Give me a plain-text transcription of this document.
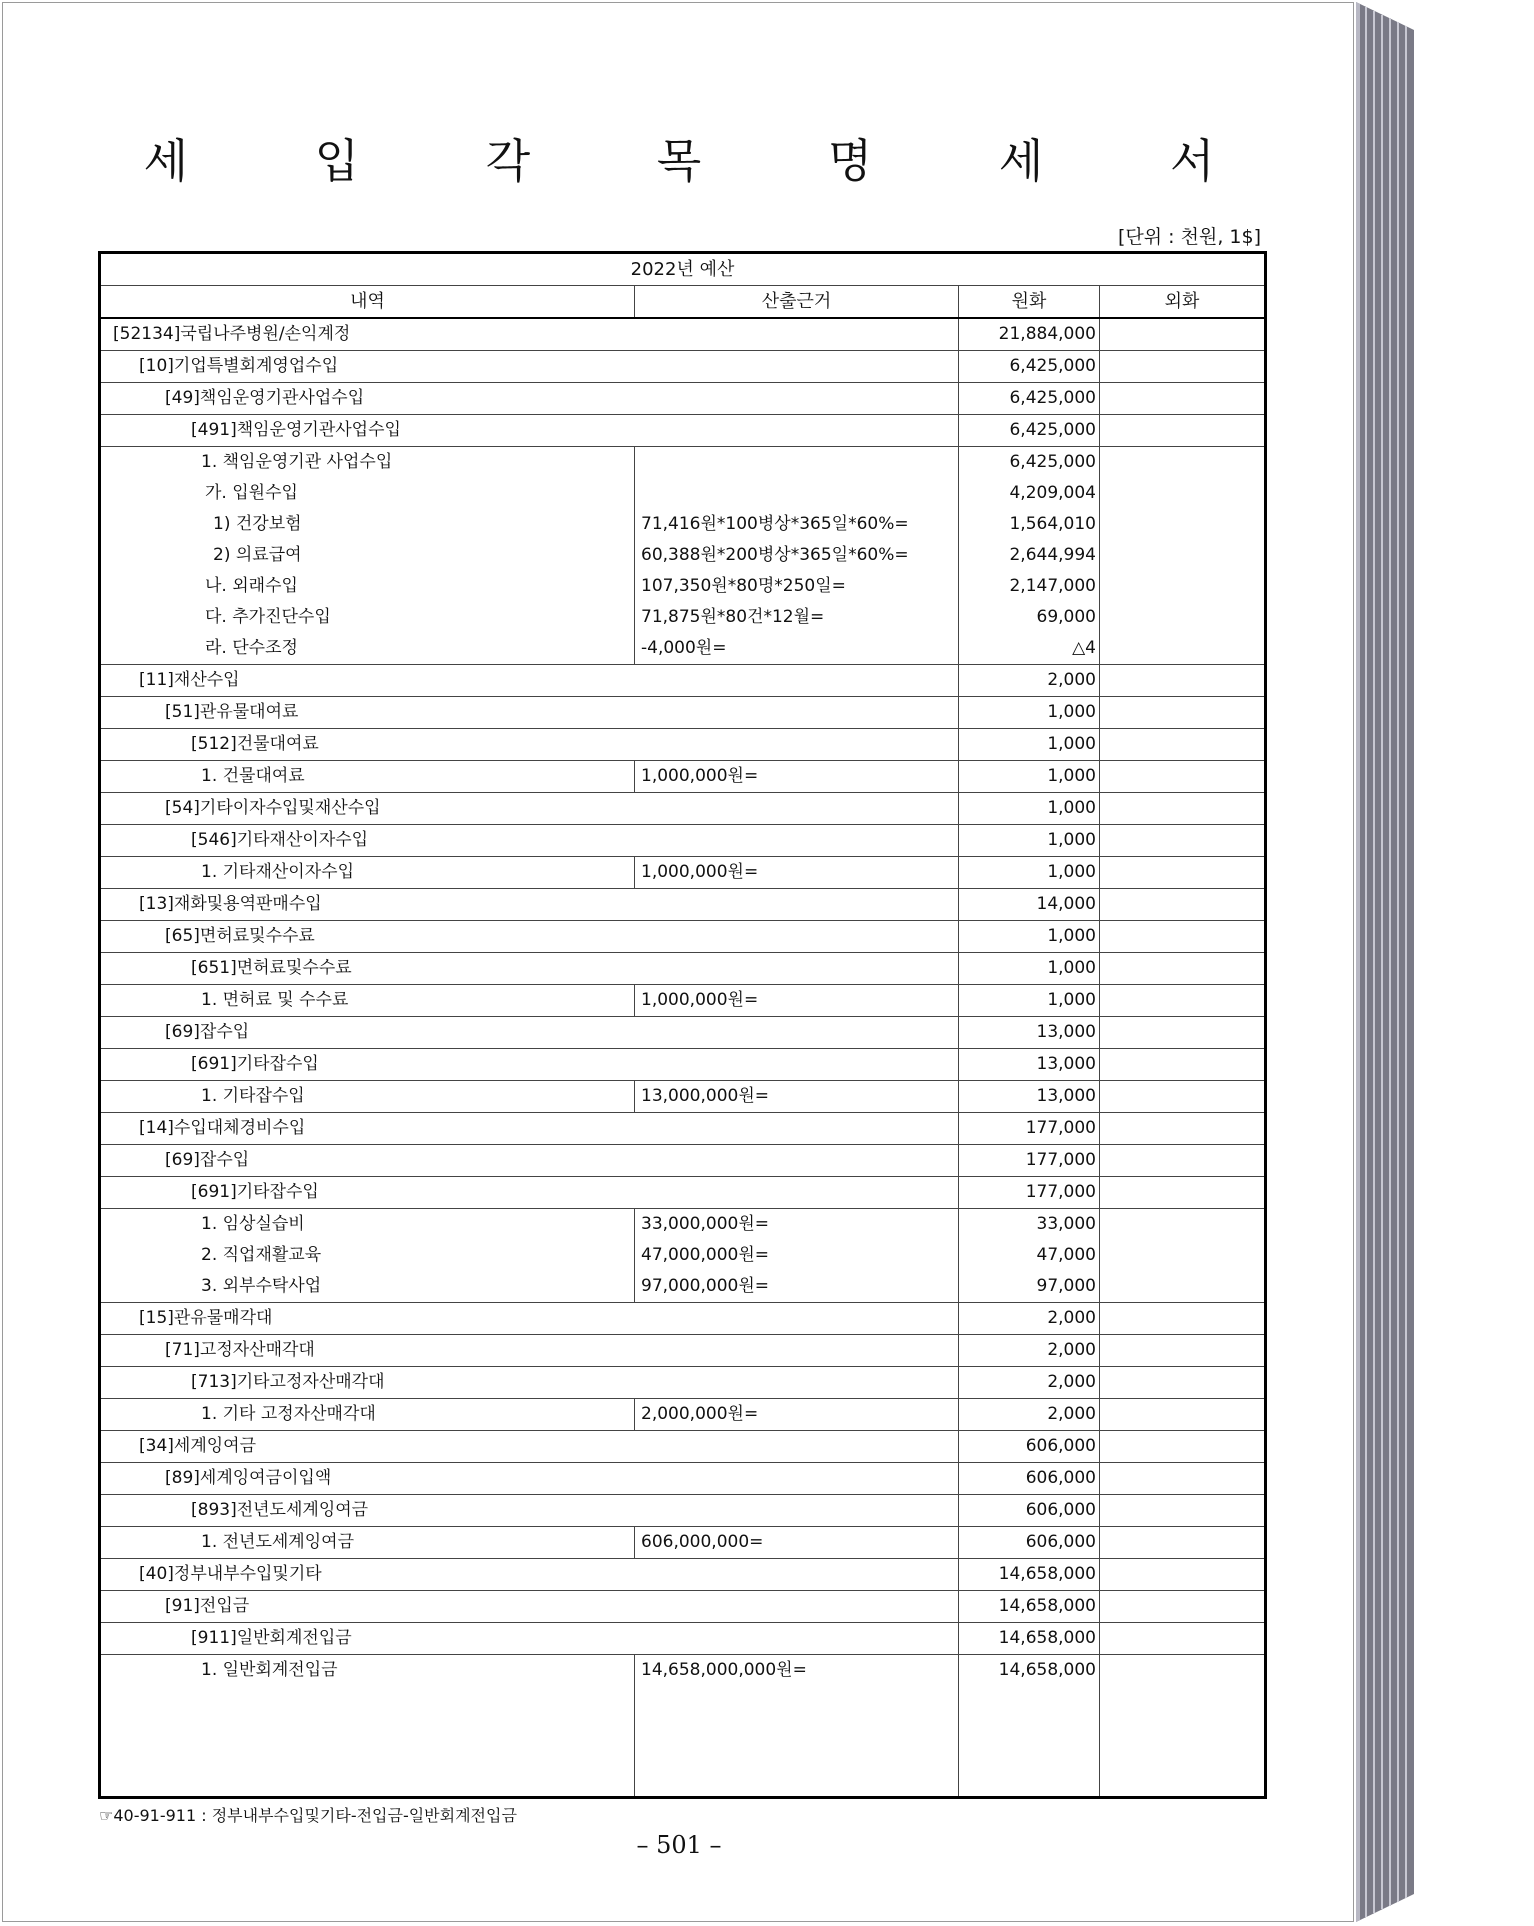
세 입 각 목 명 세 서
[단위 : 천원, 1$]
2022년 예산			
내역	산출근거	원화	외화
[52134]국립나주병원/손익계정		21,884,000	
[10]기업특별회계영업수입		6,425,000	
[49]책임운영기관사업수입		6,425,000	
[491]책임운영기관사업수입		6,425,000	
1. 책임운영기관 사업수입		6,425,000	
가. 입원수입		4,209,004	
1) 건강보험	71,416원*100병상*365일*60%=	1,564,010	
2) 의료급여	60,388원*200병상*365일*60%=	2,644,994	
나. 외래수입	107,350원*80명*250일=	2,147,000	
다. 추가진단수입	71,875원*80건*12월=	69,000	
라. 단수조정	-4,000원=	△4	
[11]재산수입		2,000	
[51]관유물대여료		1,000	
[512]건물대여료		1,000	
1. 건물대여료	1,000,000원=	1,000	
[54]기타이자수입및재산수입		1,000	
[546]기타재산이자수입		1,000	
1. 기타재산이자수입	1,000,000원=	1,000	
[13]재화및용역판매수입		14,000	
[65]면허료및수수료		1,000	
[651]면허료및수수료		1,000	
1. 면허료 및 수수료	1,000,000원=	1,000	
[69]잡수입		13,000	
[691]기타잡수입		13,000	
1. 기타잡수입	13,000,000원=	13,000	
[14]수입대체경비수입		177,000	
[69]잡수입		177,000	
[691]기타잡수입		177,000	
1. 임상실습비	33,000,000원=	33,000	
2. 직업재활교육	47,000,000원=	47,000	
3. 외부수탁사업	97,000,000원=	97,000	
[15]관유물매각대		2,000	
[71]고정자산매각대		2,000	
[713]기타고정자산매각대		2,000	
1. 기타 고정자산매각대	2,000,000원=	2,000	
[34]세계잉여금		606,000	
[89]세계잉여금이입액		606,000	
[893]전년도세계잉여금		606,000	
1. 전년도세계잉여금	606,000,000=	606,000	
[40]정부내부수입및기타		14,658,000	
[91]전입금		14,658,000	
[911]일반회계전입금		14,658,000	
1. 일반회계전입금	14,658,000,000원=	14,658,000	

☞40-91-911 : 정부내부수입및기타-전입금-일반회계전입금
– 501 –
